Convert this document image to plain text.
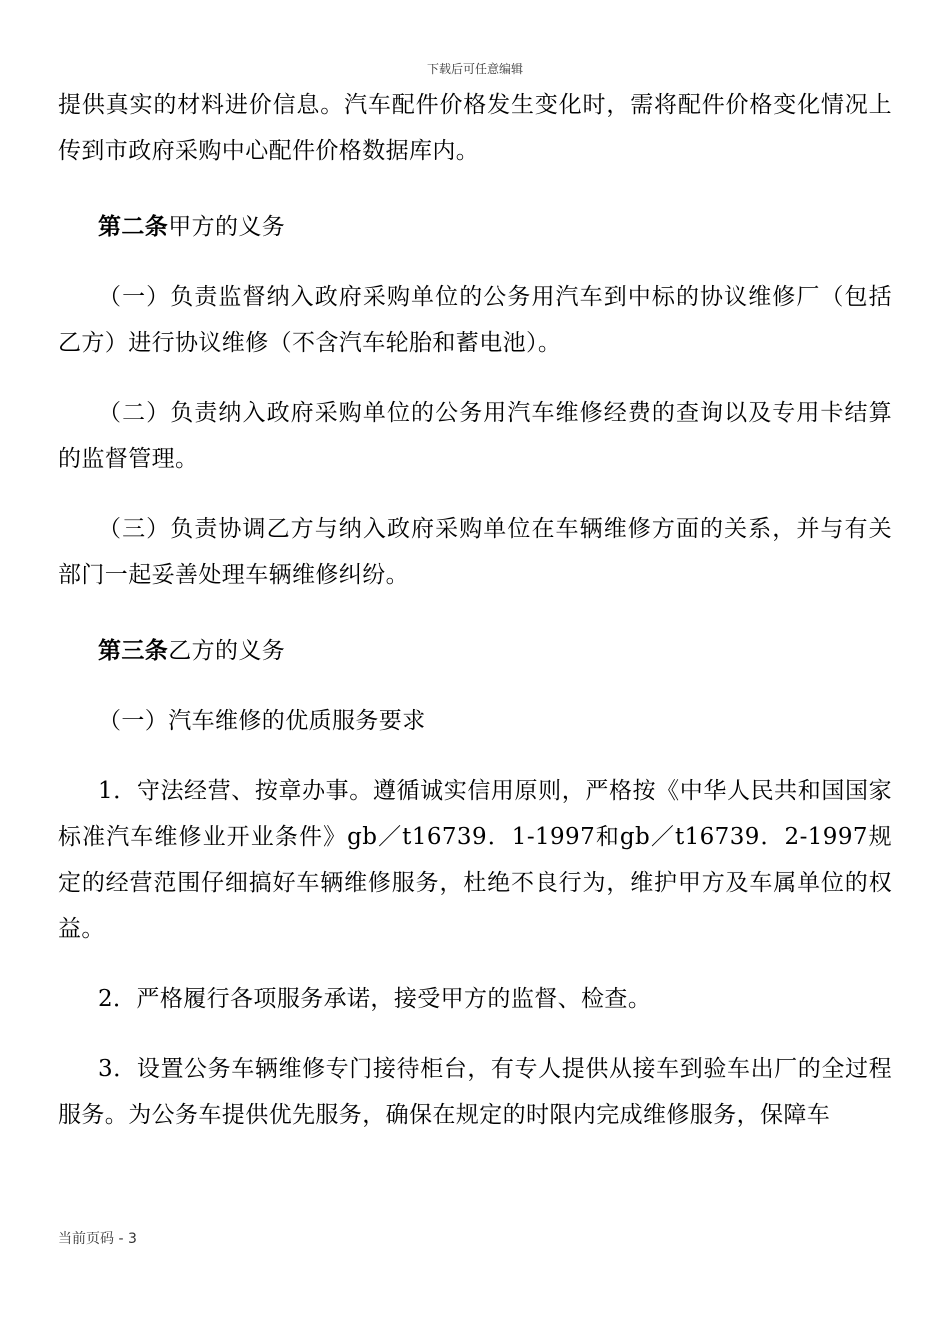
下载后可任意编辑

提供真实的材料进价信息。汽车配件价格发生变化时，需将配件价格变化情况上传到市政府采购中心配件价格数据库内。

第二条甲方的义务

（一）负责监督纳入政府采购单位的公务用汽车到中标的协议维修厂（包括乙方）进行协议维修（不含汽车轮胎和蓄电池）。

（二）负责纳入政府采购单位的公务用汽车维修经费的查询以及专用卡结算的监督管理。

（三）负责协调乙方与纳入政府采购单位在车辆维修方面的关系，并与有关部门一起妥善处理车辆维修纠纷。

第三条乙方的义务

（一）汽车维修的优质服务要求

1．守法经营、按章办事。遵循诚实信用原则，严格按《中华人民共和国国家标准汽车维修业开业条件》gb／t16739．1-1997和gb／t16739．2-1997规定的经营范围仔细搞好车辆维修服务，杜绝不良行为，维护甲方及车属单位的权益。

2．严格履行各项服务承诺，接受甲方的监督、检查。

3．设置公务车辆维修专门接待柜台，有专人提供从接车到验车出厂的全过程服务。为公务车提供优先服务，确保在规定的时限内完成维修服务，保障车

当前页码 - 3
